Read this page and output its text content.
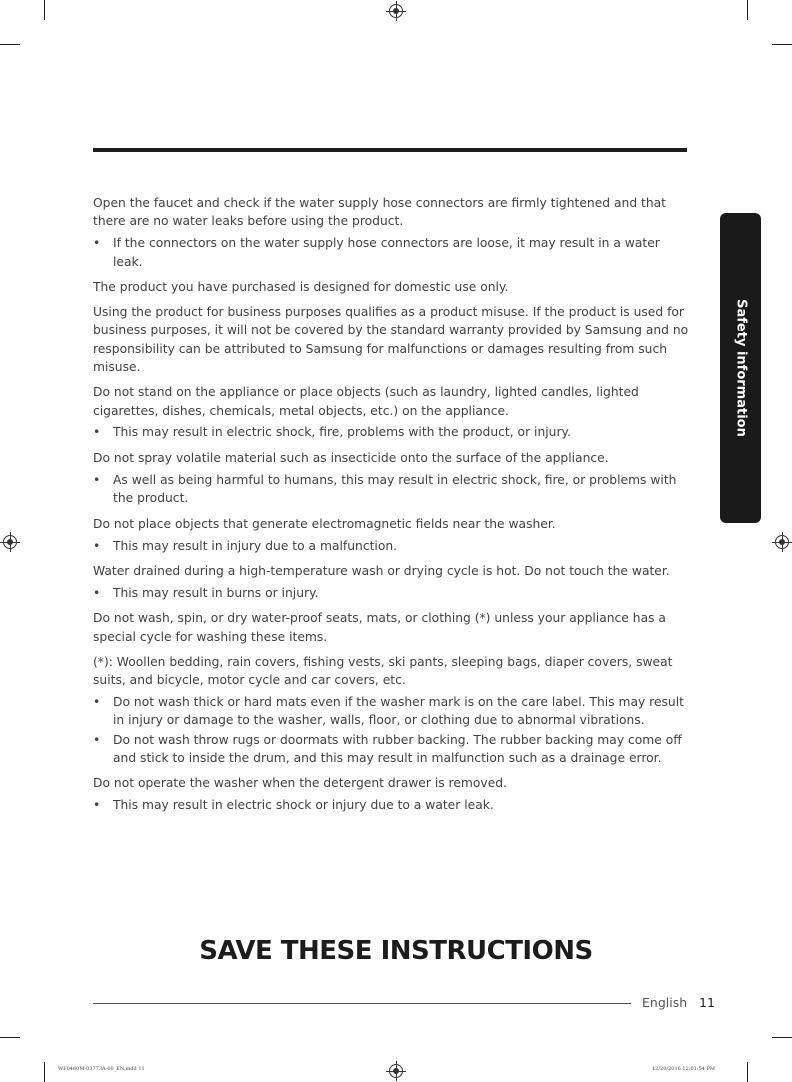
Safety information

Open the faucet and check if the water supply hose connectors are firmly tightened and that there are no water leaks before using the product.

• If the connectors on the water supply hose connectors are loose, it may result in a water leak.

The product you have purchased is designed for domestic use only.

Using the product for business purposes qualifies as a product misuse. If the product is used for business purposes, it will not be covered by the standard warranty provided by Samsung and no responsibility can be attributed to Samsung for malfunctions or damages resulting from such misuse.

Do not stand on the appliance or place objects (such as laundry, lighted candles, lighted cigarettes, dishes, chemicals, metal objects, etc.) on the appliance.

• This may result in electric shock, fire, problems with the product, or injury.

Do not spray volatile material such as insecticide onto the surface of the appliance.

• As well as being harmful to humans, this may result in electric shock, fire, or problems with the product.

Do not place objects that generate electromagnetic fields near the washer.

• This may result in injury due to a malfunction.

Water drained during a high-temperature wash or drying cycle is hot. Do not touch the water.

• This may result in burns or injury.

Do not wash, spin, or dry water-proof seats, mats, or clothing (*) unless your appliance has a special cycle for washing these items.

(*): Woollen bedding, rain covers, fishing vests, ski pants, sleeping bags, diaper covers, sweat suits, and bicycle, motor cycle and car covers, etc.

• Do not wash thick or hard mats even if the washer mark is on the care label. This may result in injury or damage to the washer, walls, floor, or clothing due to abnormal vibrations.
• Do not wash throw rugs or doormats with rubber backing. The rubber backing may come off and stick to inside the drum, and this may result in malfunction such as a drainage error.

Do not operate the washer when the detergent drawer is removed.

• This may result in electric shock or injury due to a water leak.
SAVE THESE INSTRUCTIONS
English 11
WF0460M-03773A-00_EN.indd 11	12/20/2016 12:01:54 PM
